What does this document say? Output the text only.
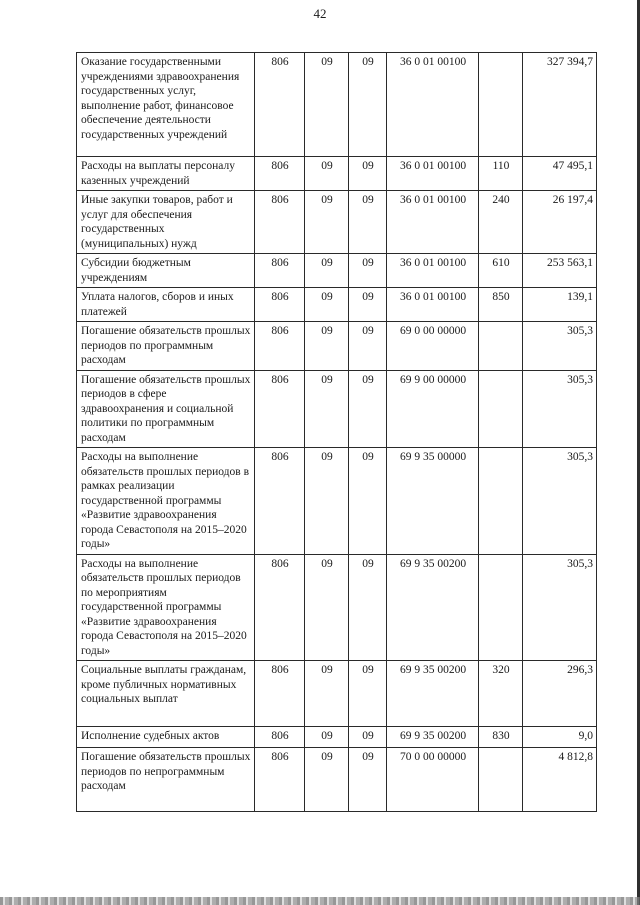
42
Оказание государственными учреждениями здравоохранения государственных услуг, выполнение работ, финансовое обеспечение деятельности государственных учреждений	806	09	09	36 0 01 00100		327 394,7
Расходы на выплаты персоналу казенных учреждений	806	09	09	36 0 01 00100	110	47 495,1
Иные закупки товаров, работ и услуг для обеспечения государственных (муниципальных) нужд	806	09	09	36 0 01 00100	240	26 197,4
Субсидии бюджетным учреждениям	806	09	09	36 0 01 00100	610	253 563,1
Уплата налогов, сборов и иных платежей	806	09	09	36 0 01 00100	850	139,1
Погашение обязательств прошлых периодов по программным расходам	806	09	09	69 0 00 00000		305,3
Погашение обязательств прошлых периодов в сфере здравоохранения и социальной политики по программным расходам	806	09	09	69 9 00 00000		305,3
Расходы на выполнение обязательств прошлых периодов в рамках реализации государственной программы «Развитие здравоохранения города Севастополя на 2015–2020 годы»	806	09	09	69 9 35 00000		305,3
Расходы на выполнение обязательств прошлых периодов по мероприятиям государственной программы «Развитие здравоохранения города Севастополя на 2015–2020 годы»	806	09	09	69 9 35 00200		305,3
Социальные выплаты гражданам, кроме публичных нормативных социальных выплат	806	09	09	69 9 35 00200	320	296,3
Исполнение судебных актов	806	09	09	69 9 35 00200	830	9,0
Погашение обязательств прошлых периодов по непрограммным расходам	806	09	09	70 0 00 00000		4 812,8
